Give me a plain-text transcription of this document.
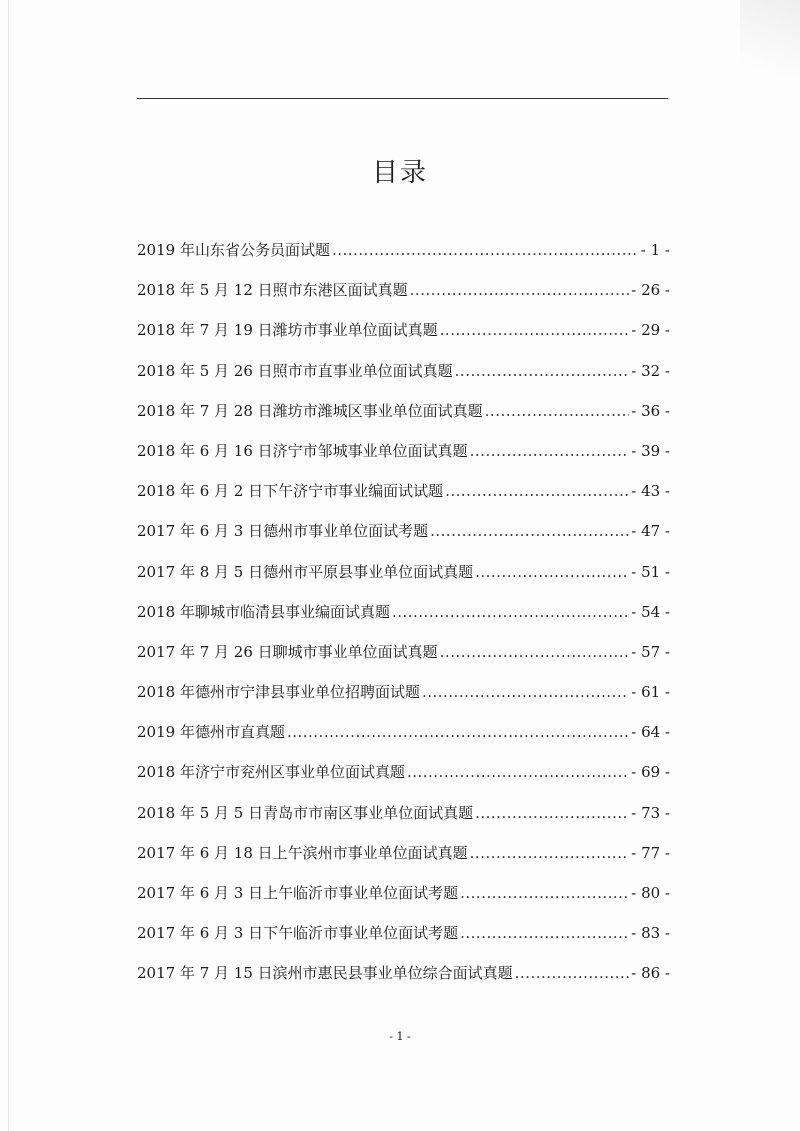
目录
2019 年山东省公务员面试题 .....	- 1 -
2018 年 5 月 12 日照市东港区面试真题 .....	- 26 -
2018 年 7 月 19 日潍坊市事业单位面试真题 .....	- 29 -
2018 年 5 月 26 日照市市直事业单位面试真题 .....	- 32 -
2018 年 7 月 28 日潍坊市潍城区事业单位面试真题 .....	- 36 -
2018 年 6 月 16 日济宁市邹城事业单位面试真题 .....	- 39 -
2018 年 6 月 2 日下午济宁市事业编面试试题 .....	- 43 -
2017 年 6 月 3 日德州市事业单位面试考题 .....	- 47 -
2017 年 8 月 5 日德州市平原县事业单位面试真题 .....	- 51 -
2018 年聊城市临清县事业编面试真题 .....	- 54 -
2017 年 7 月 26 日聊城市事业单位面试真题 .....	- 57 -
2018 年德州市宁津县事业单位招聘面试题 .....	- 61 -
2019 年德州市直真题 .....	- 64 -
2018 年济宁市兖州区事业单位面试真题 .....	- 69 -
2018 年 5 月 5 日青岛市市南区事业单位面试真题 .....	- 73 -
2017 年 6 月 18 日上午滨州市事业单位面试真题 .....	- 77 -
2017 年 6 月 3 日上午临沂市事业单位面试考题 .....	- 80 -
2017 年 6 月 3 日下午临沂市事业单位面试考题 .....	- 83 -
2017 年 7 月 15 日滨州市惠民县事业单位综合面试真题 .....	- 86 -
- 1 -
